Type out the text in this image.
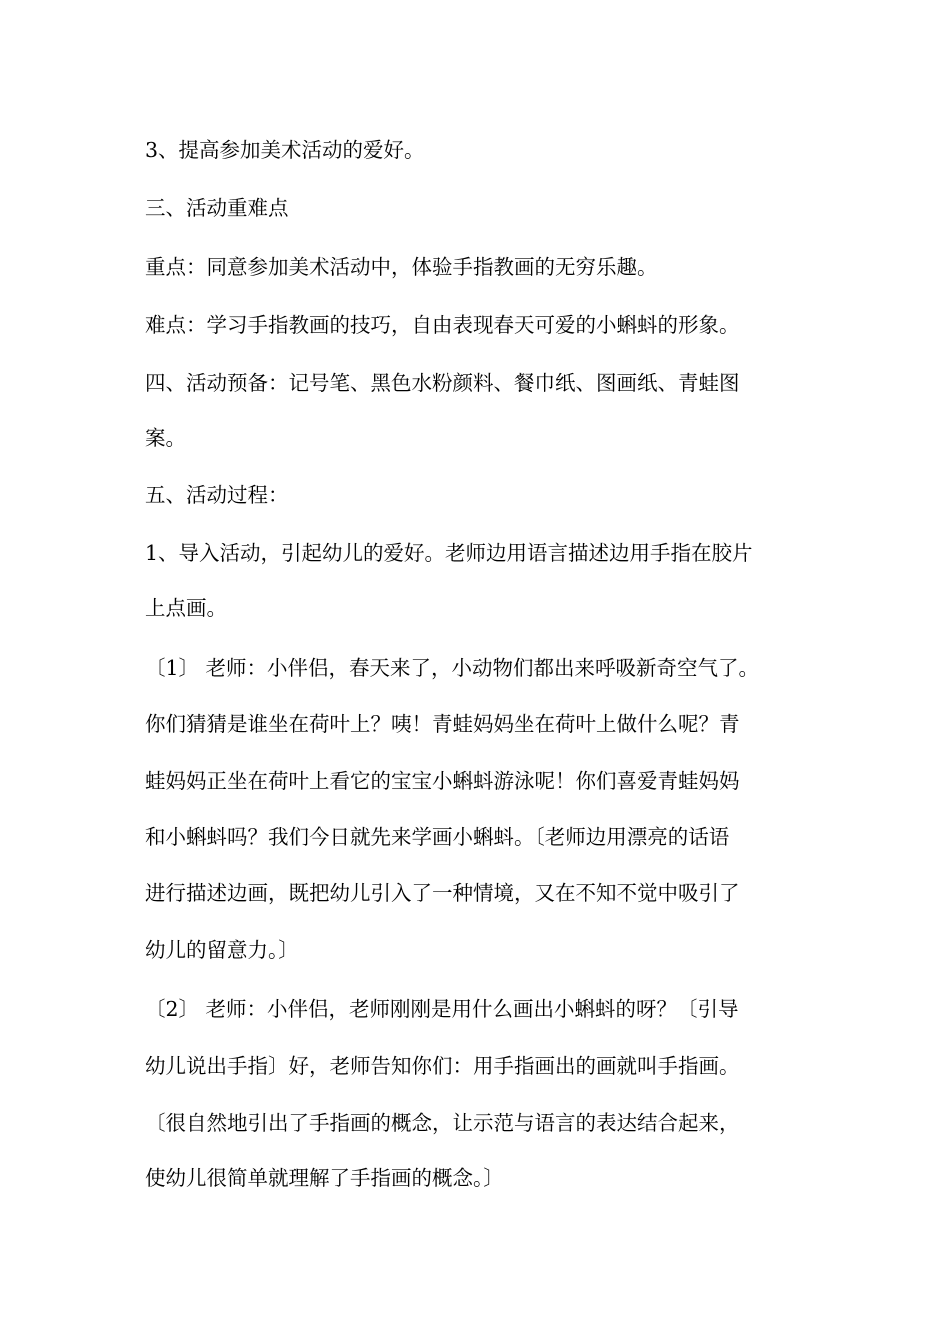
3、提高参加美术活动的爱好。
三、活动重难点
重点：同意参加美术活动中，体验手指教画的无穷乐趣。
难点：学习手指教画的技巧，自由表现春天可爱的小蝌蚪的形象。
四、活动预备：记号笔、黑色水粉颜料、餐巾纸、图画纸、青蛙图
案。
五、活动过程：
1、导入活动，引起幼儿的爱好。老师边用语言描述边用手指在胶片
上点画。
〔1〕 老师：小伴侣，春天来了，小动物们都出来呼吸新奇空气了。
你们猜猜是谁坐在荷叶上？咦！青蛙妈妈坐在荷叶上做什么呢？青
蛙妈妈正坐在荷叶上看它的宝宝小蝌蚪游泳呢！你们喜爱青蛙妈妈
和小蝌蚪吗？我们今日就先来学画小蝌蚪。〔老师边用漂亮的话语
进行描述边画，既把幼儿引入了一种情境，又在不知不觉中吸引了
幼儿的留意力。〕
〔2〕 老师：小伴侣，老师刚刚是用什么画出小蝌蚪的呀？〔引导
幼儿说出手指〕好，老师告知你们：用手指画出的画就叫手指画。
〔很自然地引出了手指画的概念，让示范与语言的表达结合起来，
使幼儿很简单就理解了手指画的概念。〕
